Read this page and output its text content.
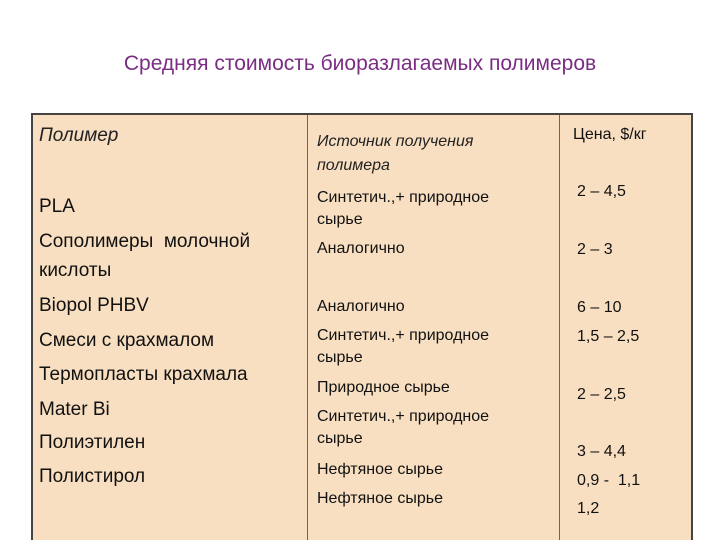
Средняя стоимость биоразлагаемых полимеров
Полимер	Источник получения
полимера
Цена, $/кг
PLA
Сополимеры  молочной
кислоты
Biopol PHBV
Смеси с крахмалом
Термопласты крахмала
Mater Bi
Полиэтилен
Полистирол
Синтетич.,+ природное
сырье
Аналогично
Аналогично
Синтетич.,+ природное
сырье
Природное сырье
Синтетич.,+ природное
сырье
Нефтяное сырье
Нефтяное сырье
2 – 4,5
2 – 3
6 – 10
1,5 – 2,5
2 – 2,5
3 – 4,4
0,9 -  1,1
1,2
